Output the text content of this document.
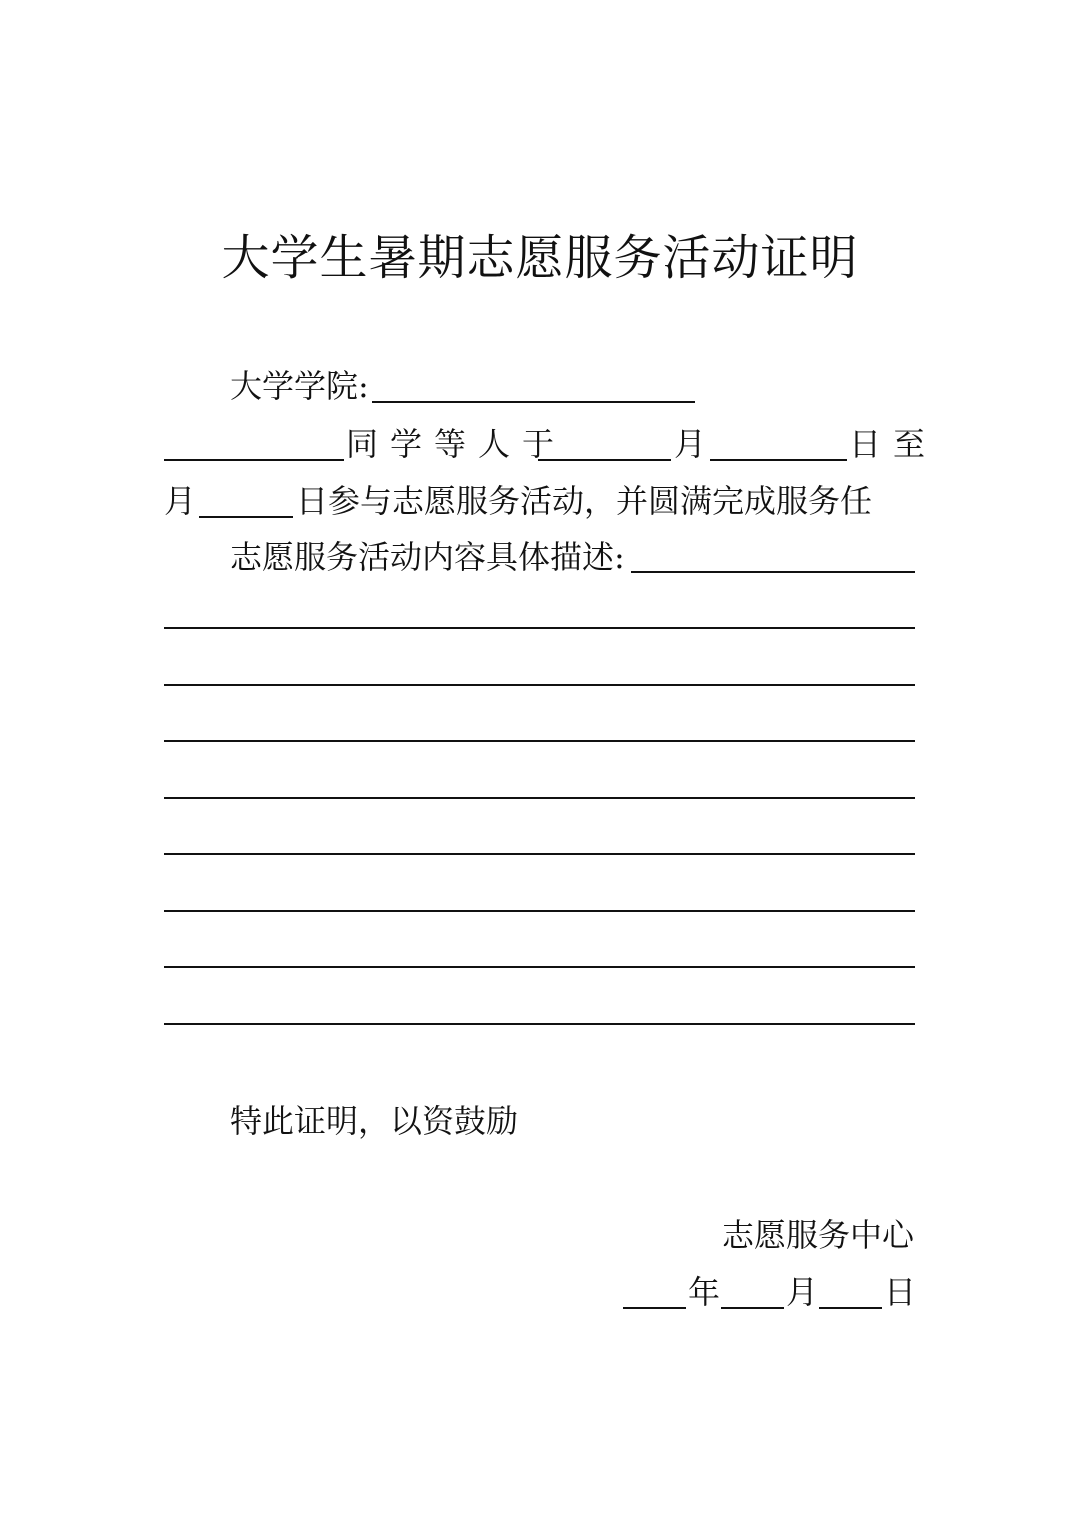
大学生暑期志愿服务活动证明
大学学院:
同学等人于	月	日至
月	日参与志愿服务活动，并圆满完成服务任
志愿服务活动内容具体描述:
特此证明，以资鼓励
志愿服务中心
年 月 日
